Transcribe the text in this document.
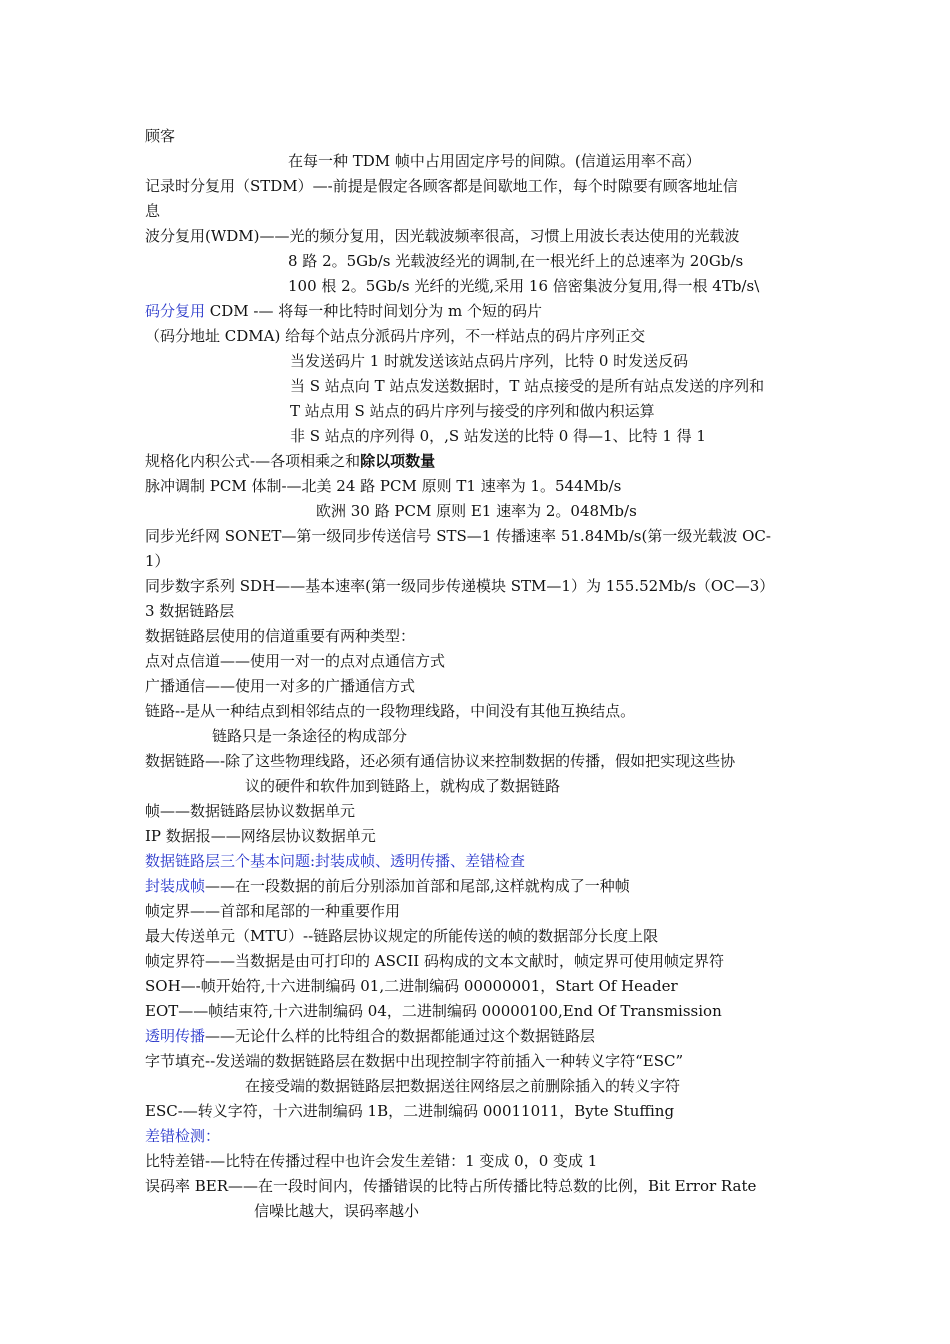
顾客
在每一种 TDM 帧中占用固定序号的间隙。(信道运用率不高）
记录时分复用（STDM）—-前提是假定各顾客都是间歇地工作，每个时隙要有顾客地址信
息
波分复用(WDM)——光的频分复用，因光载波频率很高，习惯上用波长表达使用的光载波
8 路 2。5Gb/s 光载波经光的调制,在一根光纤上的总速率为 20Gb/s
100 根 2。5Gb/s 光纤的光缆,采用 16 倍密集波分复用,得一根 4Tb/s\
码分复用 CDM -— 将每一种比特时间划分为 m 个短的码片
（码分地址 CDMA) 给每个站点分派码片序列，不一样站点的码片序列正交
当发送码片 1 时就发送该站点码片序列，比特 0 时发送反码
当 S 站点向 T 站点发送数据时，T 站点接受的是所有站点发送的序列和
T 站点用 S 站点的码片序列与接受的序列和做内积运算
非 S 站点的序列得 0，,S 站发送的比特 0 得—1、比特 1 得 1
规格化内积公式-—各项相乘之和除以项数量
脉冲调制 PCM 体制-—北美 24 路 PCM 原则 T1 速率为 1。544Mb/s
欧洲 30 路 PCM 原则 E1 速率为 2。048Mb/s
同步光纤网 SONET—第一级同步传送信号 STS—1 传播速率 51.84Mb/s(第一级光载波 OC-
1）
同步数字系列 SDH——基本速率(第一级同步传递模块 STM—1）为 155.52Mb/s（OC—3）
3 数据链路层
数据链路层使用的信道重要有两种类型：
点对点信道——使用一对一的点对点通信方式
广播通信——使用一对多的广播通信方式
链路--是从一种结点到相邻结点的一段物理线路，中间没有其他互换结点。
链路只是一条途径的构成部分
数据链路—-除了这些物理线路，还必须有通信协议来控制数据的传播，假如把实现这些协
议的硬件和软件加到链路上，就构成了数据链路
帧——数据链路层协议数据单元
IP 数据报——网络层协议数据单元
数据链路层三个基本问题:封装成帧、透明传播、差错检查
封装成帧——在一段数据的前后分别添加首部和尾部,这样就构成了一种帧
帧定界——首部和尾部的一种重要作用
最大传送单元（MTU）--链路层协议规定的所能传送的帧的数据部分长度上限
帧定界符——当数据是由可打印的 ASCII 码构成的文本文献时，帧定界可使用帧定界符
SOH—-帧开始符,十六进制编码 01,二进制编码 00000001，Start Of Header
EOT——帧结束符,十六进制编码 04，二进制编码 00000100,End Of Transmission
透明传播——无论什么样的比特组合的数据都能通过这个数据链路层
字节填充--发送端的数据链路层在数据中出现控制字符前插入一种转义字符“ESC”
在接受端的数据链路层把数据送往网络层之前删除插入的转义字符
ESC-—转义字符，十六进制编码 1B，二进制编码 00011011，Byte Stuffing
差错检测：
比特差错-—比特在传播过程中也许会发生差错：1 变成 0，0 变成 1
误码率 BER——在一段时间内，传播错误的比特占所传播比特总数的比例，Bit Error Rate
信噪比越大，误码率越小
